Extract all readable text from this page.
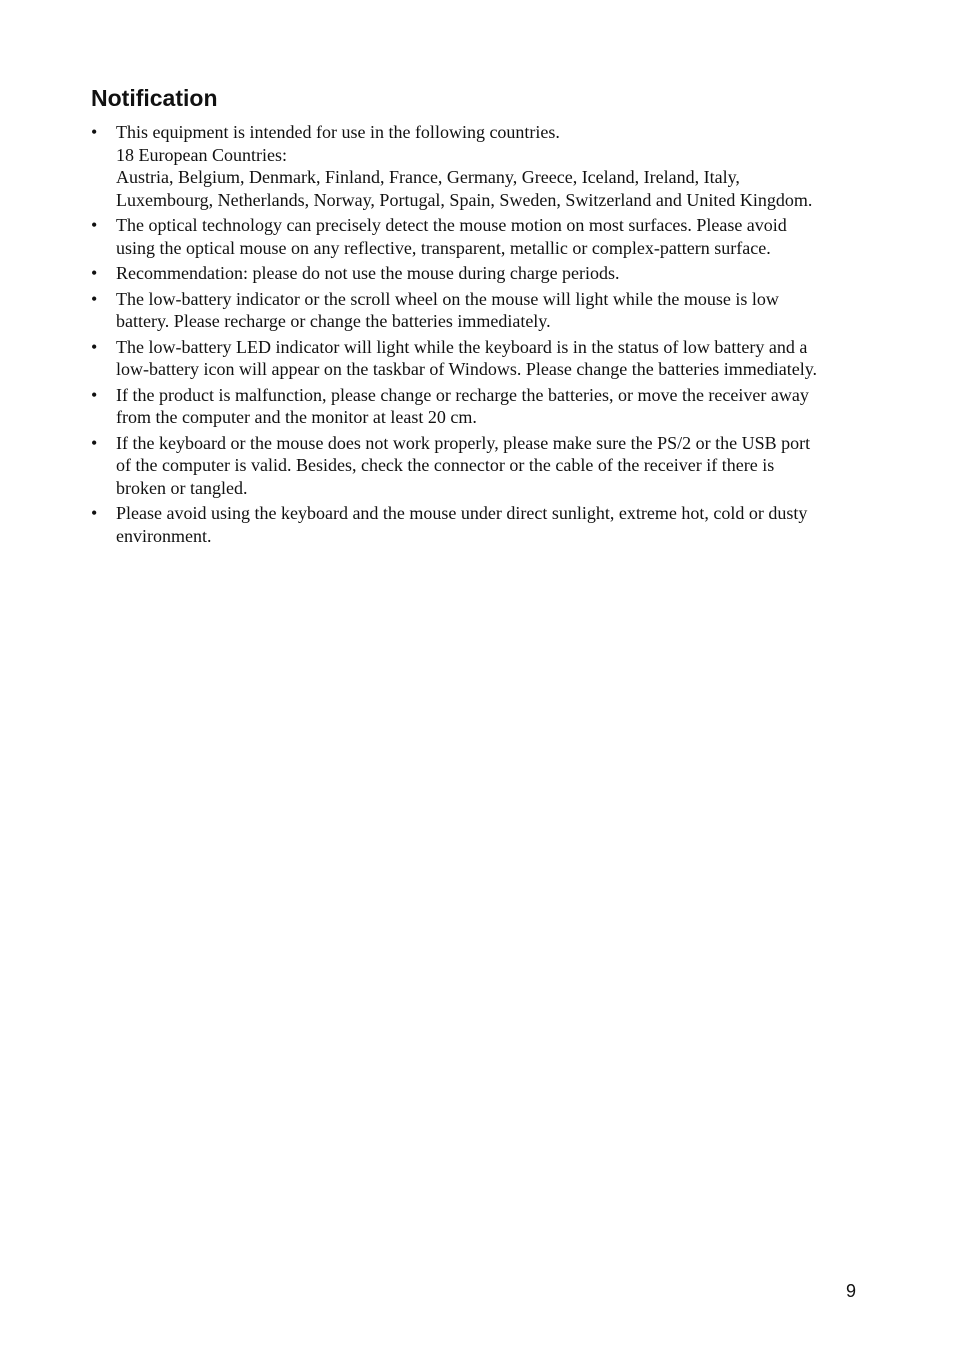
Notification
• This equipment is intended for use in the following countries.
18 European Countries:
Austria, Belgium, Denmark, Finland, France, Germany, Greece, Iceland, Ireland, Italy,
Luxembourg, Netherlands, Norway, Portugal, Spain, Sweden, Switzerland and United Kingdom.
• The optical technology can precisely detect the mouse motion on most surfaces. Please avoid
using the optical mouse on any reflective, transparent, metallic or complex-pattern surface.
• Recommendation: please do not use the mouse during charge periods.
• The low-battery indicator or the scroll wheel on the mouse will light while the mouse is low
battery. Please recharge or change the batteries immediately.
• The low-battery LED indicator will light while the keyboard is in the status of low battery and a
low-battery icon will appear on the taskbar of Windows. Please change the batteries immediately.
• If the product is malfunction, please change or recharge the batteries, or move the receiver away
from the computer and the monitor at least 20 cm.
• If the keyboard or the mouse does not work properly, please make sure the PS/2 or the USB port
of the computer is valid. Besides, check the connector or the cable of the receiver if there is
broken or tangled.
• Please avoid using the keyboard and the mouse under direct sunlight, extreme hot, cold or dusty
environment.
9
